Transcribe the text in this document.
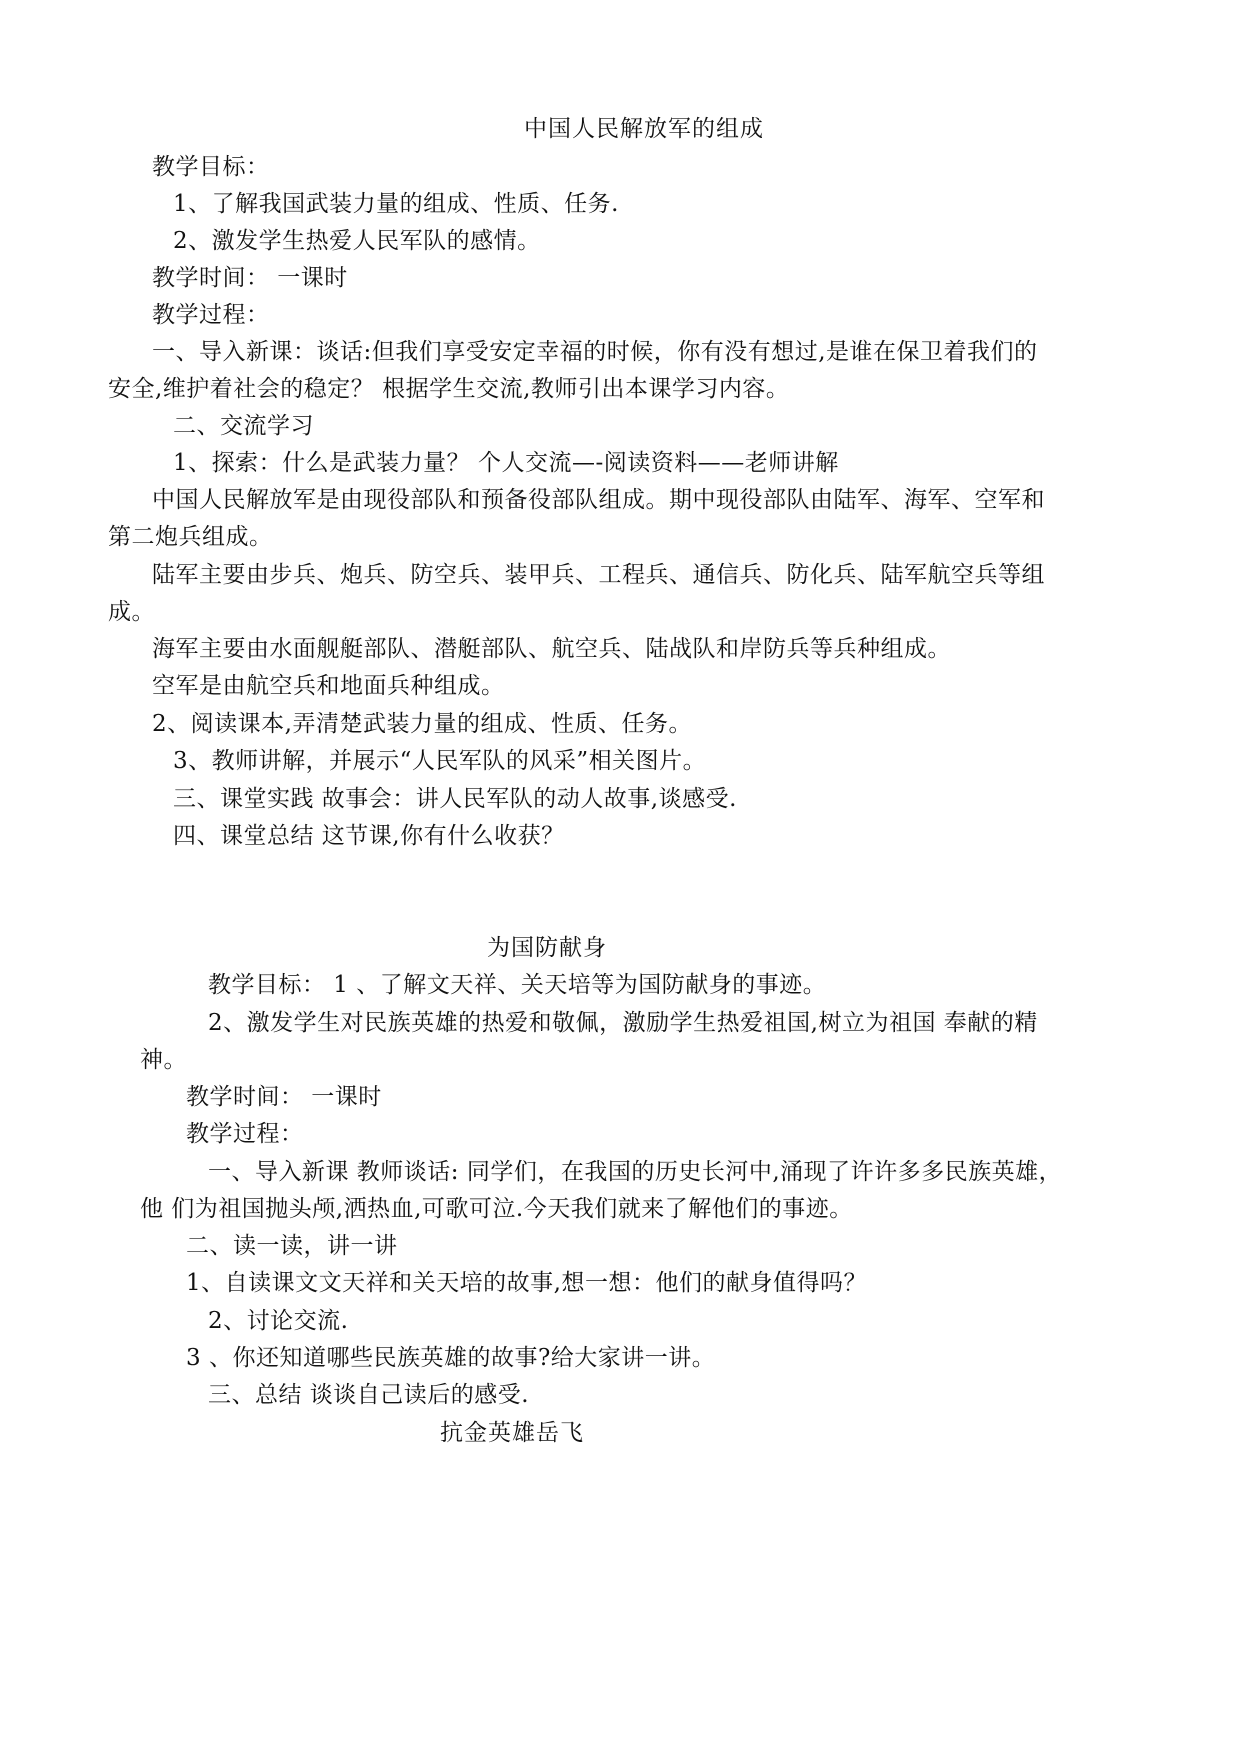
中国人民解放军的组成
教学目标：
1、了解我国武装力量的组成、性质、任务.
2、激发学生热爱人民军队的感情。
教学时间： 一课时
教学过程：
一、导入新课：谈话:但我们享受安定幸福的时候，你有没有想过,是谁在保卫着我们的
安全,维护着社会的稳定？ 根据学生交流,教师引出本课学习内容。
二、交流学习
1、探索：什么是武装力量？ 个人交流—-阅读资料——老师讲解
中国人民解放军是由现役部队和预备役部队组成。期中现役部队由陆军、海军、空军和
第二炮兵组成。
陆军主要由步兵、炮兵、防空兵、装甲兵、工程兵、通信兵、防化兵、陆军航空兵等组
成。
海军主要由水面舰艇部队、潜艇部队、航空兵、陆战队和岸防兵等兵种组成。
空军是由航空兵和地面兵种组成。
2、阅读课本,弄清楚武装力量的组成、性质、任务。
3、教师讲解，并展示“人民军队的风采”相关图片。
三、课堂实践 故事会：讲人民军队的动人故事,谈感受.
四、课堂总结 这节课,你有什么收获？
为国防献身
教学目标： 1 、了解文天祥、关天培等为国防献身的事迹。
2、激发学生对民族英雄的热爱和敬佩，激励学生热爱祖国,树立为祖国 奉献的精
神。
教学时间： 一课时
教学过程：
一、导入新课 教师谈话: 同学们，在我国的历史长河中,涌现了许许多多民族英雄，
他 们为祖国抛头颅,洒热血,可歌可泣.今天我们就来了解他们的事迹。
二、读一读，讲一讲
1、自读课文文天祥和关天培的故事,想一想：他们的献身值得吗？
2、讨论交流.
3 、你还知道哪些民族英雄的故事?给大家讲一讲。
三、总结 谈谈自己读后的感受.
抗金英雄岳飞
